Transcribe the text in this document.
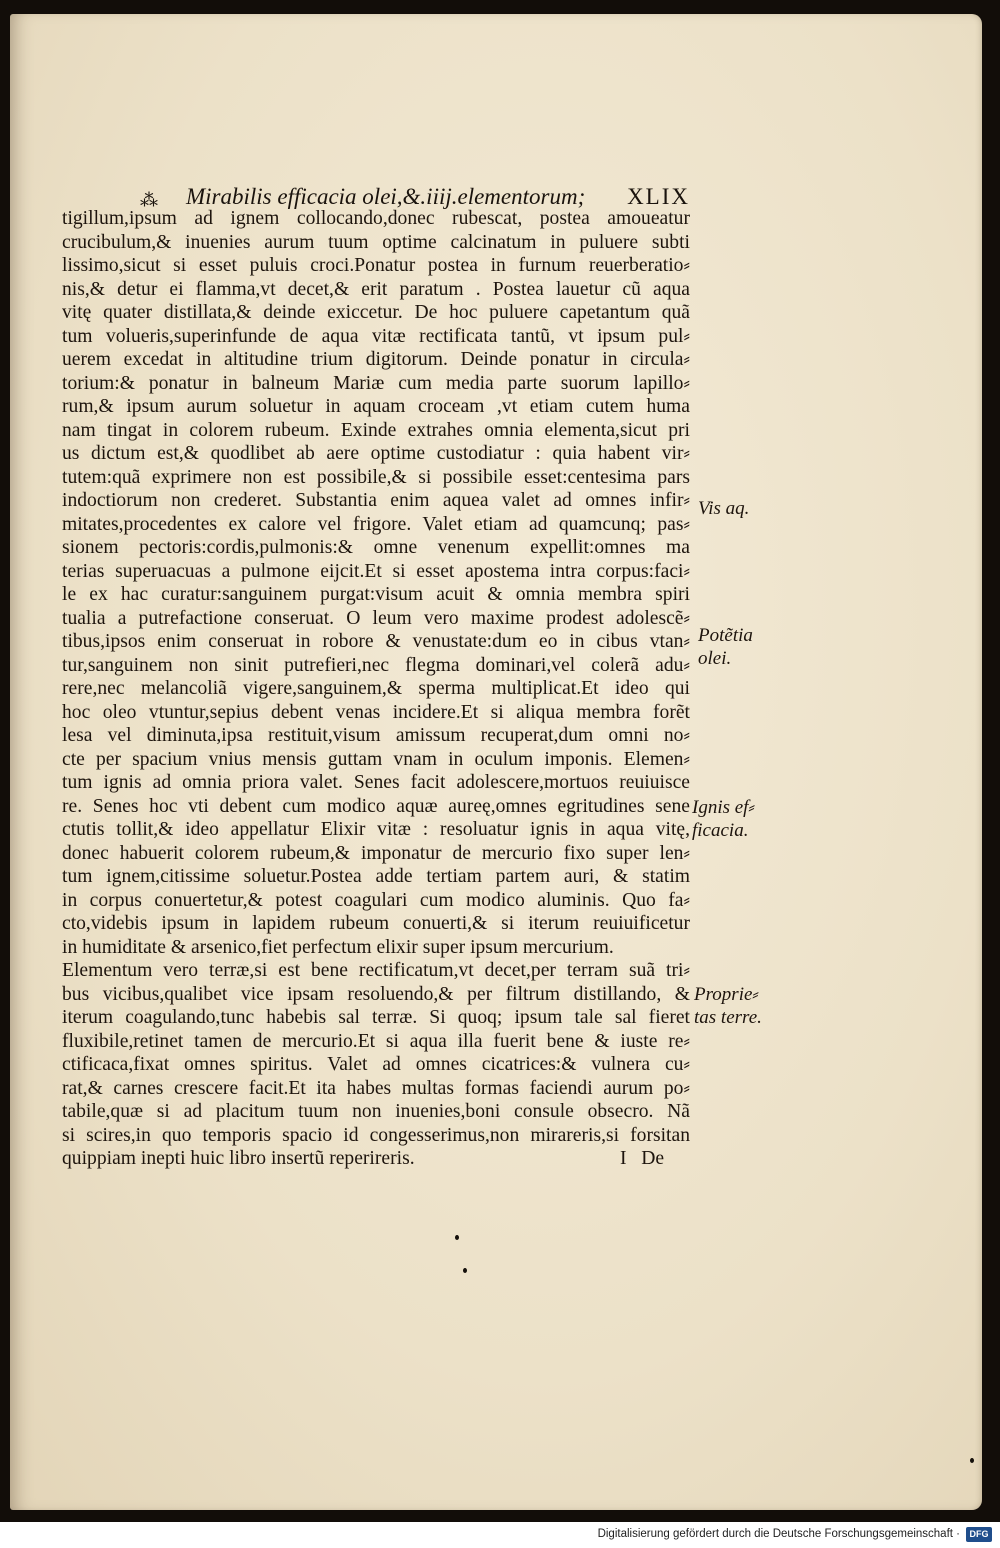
⁂ Mirabilis efficacia olei,&.iiij.elementorum; XLIX
tigillum,ipsum ad ignem collocando,donec rubescat, postea amoueatur
crucibulum,& inuenies aurum tuum optime calcinatum in puluere subti
lissimo,sicut si esset puluis croci.Ponatur postea in furnum reuerberatio⸗
nis,& detur ei flamma,vt decet,& erit paratum . Postea lauetur cũ aqua
vitę quater distillata,& deinde exiccetur. De hoc puluere capetantum quã
tum volueris,superinfunde de aqua vitæ rectificata tantũ, vt ipsum pul⸗
uerem excedat in altitudine trium digitorum. Deinde ponatur in circula⸗
torium:& ponatur in balneum Mariæ cum media parte suorum lapillo⸗
rum,& ipsum aurum soluetur in aquam croceam ,vt etiam cutem huma
nam tingat in colorem rubeum. Exinde extrahes omnia elementa,sicut pri
us dictum est,& quodlibet ab aere optime custodiatur : quia habent vir⸗
tutem:quã exprimere non est possibile,& si possibile esset:centesima pars
indoctiorum non crederet. Substantia enim aquea valet ad omnes infir⸗
mitates,procedentes ex calore vel frigore. Valet etiam ad quamcunq; pas⸗
sionem pectoris:cordis,pulmonis:& omne venenum expellit:omnes ma
terias superuacuas a pulmone eijcit.Et si esset apostema intra corpus:faci⸗
le ex hac curatur:sanguinem purgat:visum acuit & omnia membra spiri
tualia a putrefactione conseruat. O leum vero maxime prodest adolescẽ⸗
tibus,ipsos enim conseruat in robore & venustate:dum eo in cibus vtan⸗
tur,sanguinem non sinit putrefieri,nec flegma dominari,vel colerã adu⸗
rere,nec melancoliã vigere,sanguinem,& sperma multiplicat.Et ideo qui
hoc oleo vtuntur,sepius debent venas incidere.Et si aliqua membra forẽt
lesa vel diminuta,ipsa restituit,visum amissum recuperat,dum omni no⸗
cte per spacium vnius mensis guttam vnam in oculum imponis. Elemen⸗
tum ignis ad omnia priora valet. Senes facit adolescere,mortuos reuiuisce
re. Senes hoc vti debent cum modico aquæ aureę,omnes egritudines sene
ctutis tollit,& ideo appellatur Elixir vitæ : resoluatur ignis in aqua vitę,
donec habuerit colorem rubeum,& imponatur de mercurio fixo super len⸗
tum ignem,citissime soluetur.Postea adde tertiam partem auri, & statim
in corpus conuertetur,& potest coagulari cum modico aluminis. Quo fa⸗
cto,videbis ipsum in lapidem rubeum conuerti,& si iterum reuiuificetur
in humiditate & arsenico,fiet perfectum elixir super ipsum mercurium.
Elementum vero terræ,si est bene rectificatum,vt decet,per terram suã tri⸗
bus vicibus,qualibet vice ipsam resoluendo,& per filtrum distillando, &
iterum coagulando,tunc habebis sal terræ. Si quoq; ipsum tale sal fieret
fluxibile,retinet tamen de mercurio.Et si aqua illa fuerit bene & iuste re⸗
ctificaca,fixat omnes spiritus. Valet ad omnes cicatrices:& vulnera cu⸗
rat,& carnes crescere facit.Et ita habes multas formas faciendi aurum po⸗
tabile,quæ si ad placitum tuum non inuenies,boni consule obsecro. Nã
si scires,in quo temporis spacio id congesserimus,non mirareris,si forsitan
quippiam inepti huic libro insertũ reperireris.	I   De
Vis aq.
Potẽtia
olei.
Ignis ef⸗
ficacia.
Proprie⸗
tas terre.
Digitalisierung gefördert durch die Deutsche Forschungsgemeinschaft ·	DFG
